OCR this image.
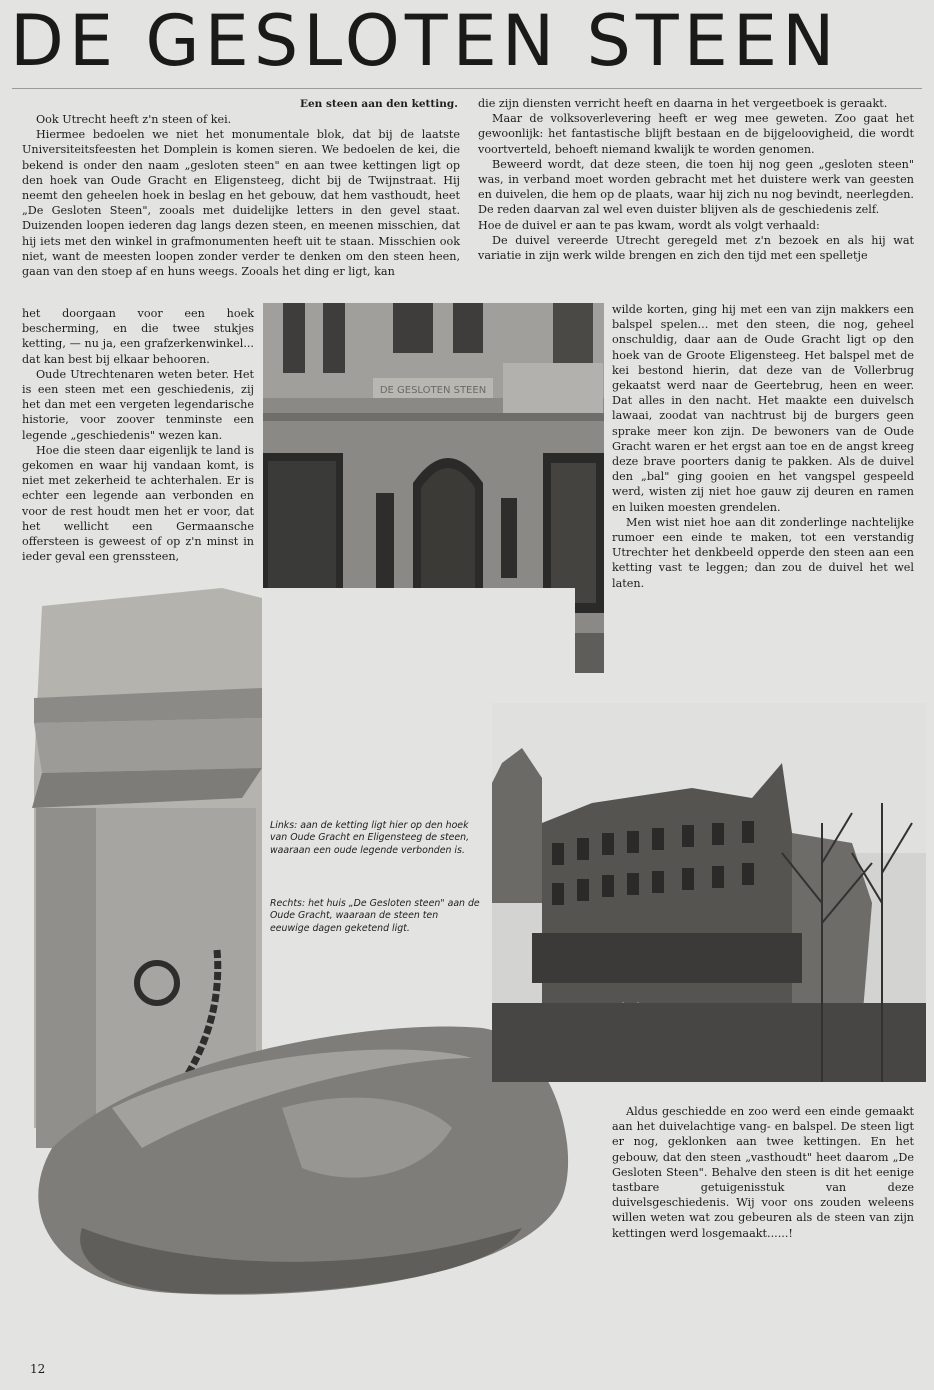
DE GESLOTEN STEEN
Een steen aan den ketting.

Ook Utrecht heeft z'n steen of kei.

Hiermee bedoelen we niet het monumentale blok, dat bij de laatste Universiteitsfeesten het Domplein is komen sieren. We bedoelen de kei, die bekend is onder den naam „gesloten steen" en aan twee kettingen ligt op den hoek van Oude Gracht en Eligensteeg, dicht bij de Twijnstraat. Hij neemt den geheelen hoek in beslag en het gebouw, dat hem vasthoudt, heet „De Gesloten Steen", zooals met duidelijke letters in den gevel staat. Duizenden loopen iederen dag langs dezen steen, en meenen misschien, dat hij iets met den winkel in grafmonumenten heeft uit te staan. Misschien ook niet, want de meesten loopen zonder verder te denken om den steen heen, gaan van den stoep af en huns weegs. Zooals het ding er ligt, kan

het doorgaan voor een hoek bescherming, en die twee stukjes ketting, — nu ja, een grafzerkenwinkel... dat kan best bij elkaar behooren.

Oude Utrechtenaren weten beter. Het is een steen met een geschiedenis, zij het dan met een vergeten legendarische historie, voor zoover tenminste een legende „geschiedenis" wezen kan.

Hoe die steen daar eigenlijk te land is gekomen en waar hij vandaan komt, is niet met zekerheid te achterhalen. Er is echter een legende aan verbonden en voor de rest houdt men het er voor, dat het wellicht een Germaansche offersteen is geweest of op z'n minst in ieder geval een grenssteen,

die zijn diensten verricht heeft en daarna in het vergeetboek is geraakt.

Maar de volksoverlevering heeft er weg mee geweten. Zoo gaat het gewoonlijk: het fantastische blijft bestaan en de bijgeloovigheid, die wordt voortverteld, behoeft niemand kwalijk te worden genomen.

Beweerd wordt, dat deze steen, die toen hij nog geen „gesloten steen" was, in verband moet worden gebracht met het duistere werk van geesten en duivelen, die hem op de plaats, waar hij zich nu nog bevindt, neerlegden. De reden daarvan zal wel even duister blijven als de geschiedenis zelf.

Hoe de duivel er aan te pas kwam, wordt als volgt verhaald:

De duivel vereerde Utrecht geregeld met z'n bezoek en als hij wat variatie in zijn werk wilde brengen en zich den tijd met een spelletje

wilde korten, ging hij met een van zijn makkers een balspel spelen... met den steen, die nog, geheel onschuldig, daar aan de Oude Gracht ligt op den hoek van de Groote Eligensteeg. Het balspel met de kei bestond hierin, dat deze van de Vollerbrug gekaatst werd naar de Geertebrug, heen en weer. Dat alles in den nacht. Het maakte een duivelsch lawaai, zoodat van nachtrust bij de burgers geen sprake meer kon zijn. De bewoners van de Oude Gracht waren er het ergst aan toe en de angst kreeg deze brave poorters danig te pakken. Als de duivel den „bal" ging gooien en het vangspel gespeeld werd, wisten zij niet hoe gauw zij deuren en ramen en luiken moesten grendelen.

Men wist niet hoe aan dit zonderlinge nachtelijke rumoer een einde te maken, tot een verstandig Utrechter het denkbeeld opperde den steen aan een ketting vast te leggen; dan zou de duivel het wel laten.

DE GESLOTEN STEEN
Links: aan de ketting ligt hier op den hoek van Oude Gracht en Eligensteeg de steen, waaraan een oude legende verbonden is.
Rechts: het huis „De Gesloten steen" aan de Oude Gracht, waaraan de steen ten eeuwige dagen geketend ligt.

Aldus geschiedde en zoo werd een einde gemaakt aan het duivelachtige vang- en balspel. De steen ligt er nog, geklonken aan twee kettingen. En het gebouw, dat den steen „vasthoudt" heet daarom „De Gesloten Steen". Behalve den steen is dit het eenige tastbare getuigenisstuk van deze duivelsgeschiedenis. Wij voor ons zouden weleens willen weten wat zou gebeuren als de steen van zijn kettingen werd losgemaakt......!

12
